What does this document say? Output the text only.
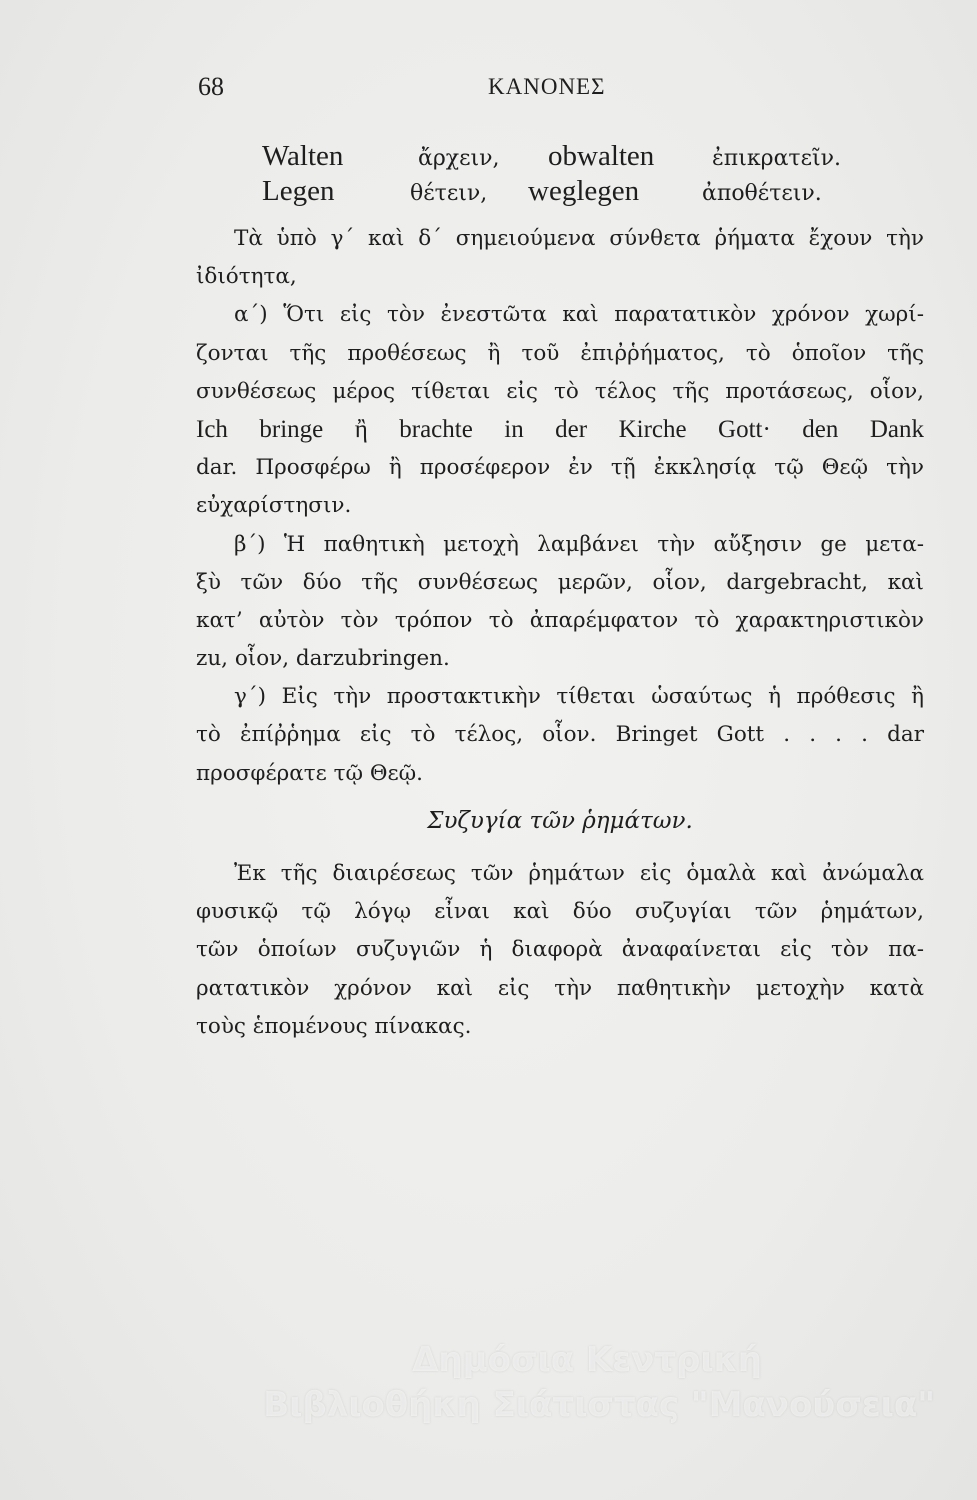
68	ΚΑΝΟΝΕΣ
Walten	ἄρχειν, obwalten	ἐπικρατεῖν.
Legen	θέτειν, weglegen	ἀποθέτειν.
Τὰ ὑπὸ γ΄ καὶ δ΄ σημειούμενα σύνθετα ῥήματα ἔχουν τὴν
ἰδιότητα,
α΄) Ὅτι εἰς τὸν ἐνεστῶτα καὶ παρατατικὸν χρόνον χωρί-
ζονται τῆς προθέσεως ἢ τοῦ ἐπιῤῥήματος, τὸ ὁποῖον τῆς
συνθέσεως μέρος τίθεται εἰς τὸ τέλος τῆς προτάσεως, οἷον,
Ich bringe ἢ brachte in der Kirche Gott· den Dank
dar. Προσφέρω ἢ προσέφερον ἐν τῇ ἐκκλησίᾳ τῷ Θεῷ τὴν
εὐχαρίστησιν.
β΄) Ἡ παθητικὴ μετοχὴ λαμβάνει τὴν αὔξησιν ge μετα-
ξὺ τῶν δύο τῆς συνθέσεως μερῶν, οἷον, dargebracht, καὶ
κατ’ αὐτὸν τὸν τρόπον τὸ ἀπαρέμφατον τὸ χαρακτηριστικὸν
zu, οἷον, darzubringen.
γ΄) Εἰς τὴν προστακτικὴν τίθεται ὡσαύτως ἡ πρόθεσις ἢ
τὸ ἐπίῤῥημα εἰς τὸ τέλος, οἷον. Bringet Gott . . . . dar
προσφέρατε τῷ Θεῷ.
Συζυγία τῶν ῥημάτων.
Ἐκ τῆς διαιρέσεως τῶν ῥημάτων εἰς ὁμαλὰ καὶ ἀνώμαλα
φυσικῷ τῷ λόγῳ εἶναι καὶ δύο συζυγίαι τῶν ῥημάτων,
τῶν ὁποίων συζυγιῶν ἡ διαφορὰ ἀναφαίνεται εἰς τὸν πα-
ρατατικὸν χρόνον καὶ εἰς τὴν παθητικὴν μετοχὴν κατὰ
τοὺς ἑπομένους πίνακας.
Δημόσια Κεντρική
Βιβλιοθήκη Σιάτιστας "Μανούσεια"
